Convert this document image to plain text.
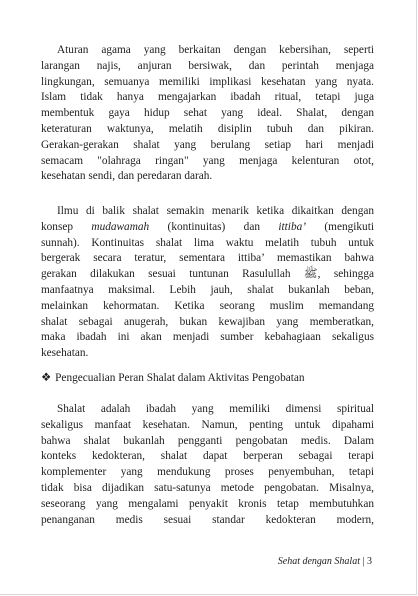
Aturan agama yang berkaitan dengan kebersihan, seperti
larangan najis, anjuran bersiwak, dan perintah menjaga
lingkungan, semuanya memiliki implikasi kesehatan yang nyata.
Islam tidak hanya mengajarkan ibadah ritual, tetapi juga
membentuk gaya hidup sehat yang ideal. Shalat, dengan
keteraturan waktunya, melatih disiplin tubuh dan pikiran.
Gerakan-gerakan shalat yang berulang setiap hari menjadi
semacam "olahraga ringan" yang menjaga kelenturan otot,
kesehatan sendi, dan peredaran darah.
Ilmu di balik shalat semakin menarik ketika dikaitkan dengan
konsep mudawamah (kontinuitas) dan ittiba’ (mengikuti
sunnah). Kontinuitas shalat lima waktu melatih tubuh untuk
bergerak secara teratur, sementara ittiba’ memastikan bahwa
gerakan dilakukan sesuai tuntunan Rasulullah ﷺ, sehingga
manfaatnya maksimal. Lebih jauh, shalat bukanlah beban,
melainkan kehormatan. Ketika seorang muslim memandang
shalat sebagai anugerah, bukan kewajiban yang memberatkan,
maka ibadah ini akan menjadi sumber kebahagiaan sekaligus
kesehatan.
❖ Pengecualian Peran Shalat dalam Aktivitas Pengobatan
Shalat adalah ibadah yang memiliki dimensi spiritual
sekaligus manfaat kesehatan. Namun, penting untuk dipahami
bahwa shalat bukanlah pengganti pengobatan medis. Dalam
konteks kedokteran, shalat dapat berperan sebagai terapi
komplementer yang mendukung proses penyembuhan, tetapi
tidak bisa dijadikan satu-satunya metode pengobatan. Misalnya,
seseorang yang mengalami penyakit kronis tetap membutuhkan
penanganan medis sesuai standar kedokteran modern,
Sehat dengan Shalat | 3
